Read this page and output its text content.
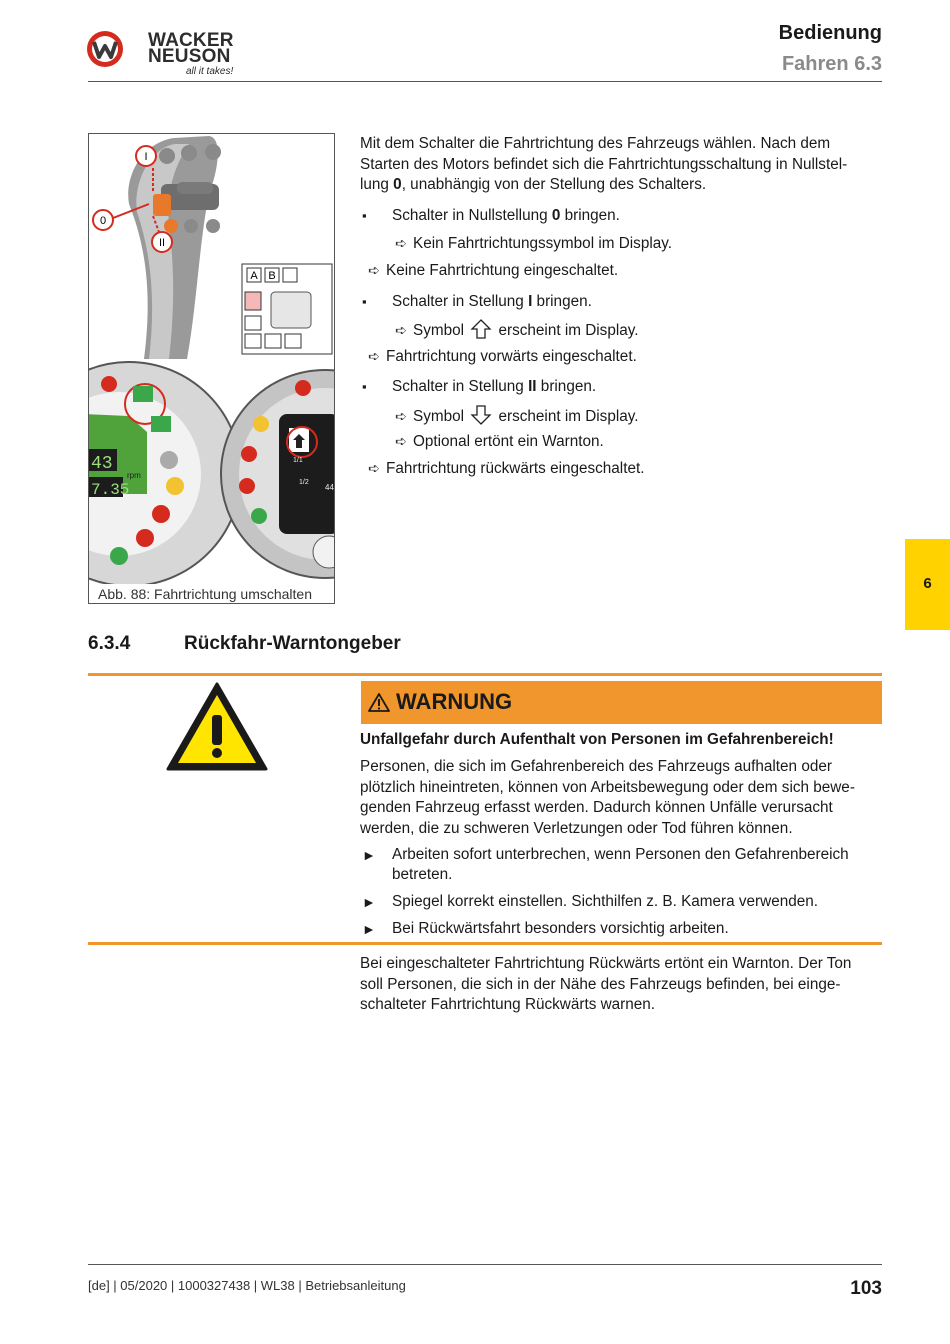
WACKER
NEUSON
all it takes!
Bedienung
Fahren 6.3
I
0
II
A B
43
7.35
rpm
1/1
1/2
44
Abb. 88: Fahrtrichtung umschalten
Mit dem Schalter die Fahrtrichtung des Fahrzeugs wählen. Nach dem
Starten des Motors befindet sich die Fahrtrichtungsschaltung in Nullstel-
lung 0, unabhängig von der Stellung des Schalters.
▪ Schalter in Nullstellung 0 bringen.
➪ Kein Fahrtrichtungssymbol im Display.
➪ Keine Fahrtrichtung eingeschaltet.
▪ Schalter in Stellung I bringen.
➪ Symbol erscheint im Display.
➪ Fahrtrichtung vorwärts eingeschaltet.
▪ Schalter in Stellung II bringen.
➪ Symbol erscheint im Display.
➪ Optional ertönt ein Warnton.
➪ Fahrtrichtung rückwärts eingeschaltet.
6
6.3.4	Rückfahr-Warntongeber
WARNUNG
Unfallgefahr durch Aufenthalt von Personen im Gefahrenbereich!
Personen, die sich im Gefahrenbereich des Fahrzeugs aufhalten oder
plötzlich hineintreten, können von Arbeitsbewegung oder dem sich bewe-
genden Fahrzeug erfasst werden. Dadurch können Unfälle verursacht
werden, die zu schweren Verletzungen oder Tod führen können.
► Arbeiten sofort unterbrechen, wenn Personen den Gefahrenbereich
betreten.
► Spiegel korrekt einstellen. Sichthilfen z. B. Kamera verwenden.
► Bei Rückwärtsfahrt besonders vorsichtig arbeiten.
Bei eingeschalteter Fahrtrichtung Rückwärts ertönt ein Warnton. Der Ton
soll Personen, die sich in der Nähe des Fahrzeugs befinden, bei einge-
schalteter Fahrtrichtung Rückwärts warnen.
[de] | 05/2020 | 1000327438 | WL38 | Betriebsanleitung	103
